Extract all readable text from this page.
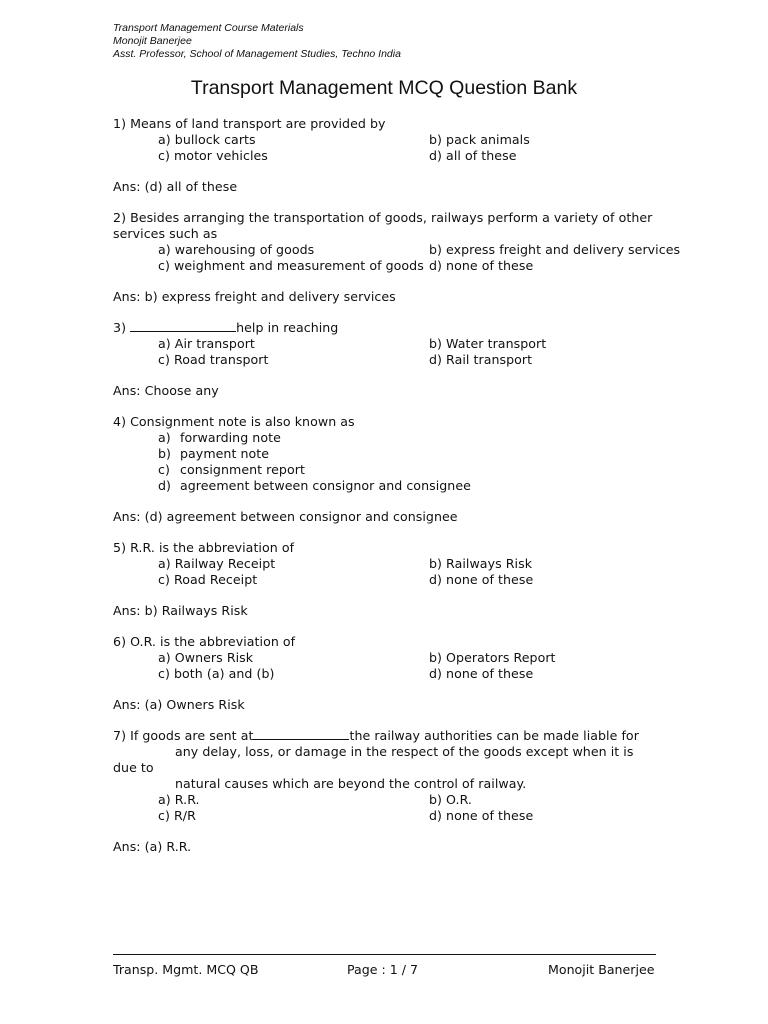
Transport Management Course Materials
Monojit Banerjee
Asst. Professor, School of Management Studies, Techno India
Transport Management MCQ Question Bank
1) Means of land transport are provided by
a) bullock carts	b) pack animals
c) motor vehicles	d) all of these
Ans: (d) all of these
2) Besides arranging the transportation of goods, railways perform a variety of other
services such as
a) warehousing of goods	b) express freight and delivery services
c) weighment and measurement of goods d) none of these
Ans: b) express freight and delivery services
3)	help in reaching
a) Air transport	b) Water transport
c) Road transport	d) Rail transport
Ans: Choose any
4) Consignment note is also known as
a) forwarding note
b) payment note
c) consignment report
d) agreement between consignor and consignee
Ans: (d) agreement between consignor and consignee
5) R.R. is the abbreviation of
a) Railway Receipt	b) Railways Risk
c) Road Receipt	d) none of these
Ans: b) Railways Risk
6) O.R. is the abbreviation of
a) Owners Risk	b) Operators Report
c) both (a) and (b)	d) none of these
Ans: (a) Owners Risk
7) If goods are sent at	the railway authorities can be made liable for
any delay, loss, or damage in the respect of the goods except when it is
due to
natural causes which are beyond the control of railway.
a) R.R.	b) O.R.
c) R/R	d) none of these
Ans: (a) R.R.
Transp. Mgmt. MCQ QB	Page : 1 / 7	Monojit Banerjee
